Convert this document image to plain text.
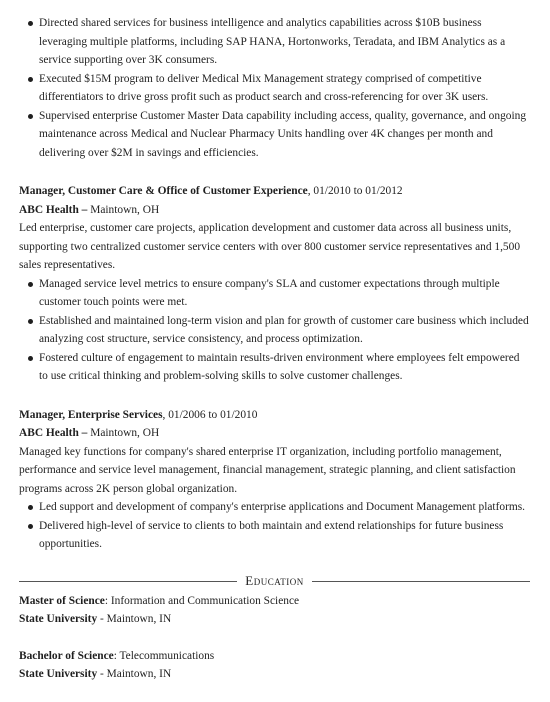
Directed shared services for business intelligence and analytics capabilities across $10B business leveraging multiple platforms, including SAP HANA, Hortonworks, Teradata, and IBM Analytics as a service supporting over 3K consumers.
Executed $15M program to deliver Medical Mix Management strategy comprised of competitive differentiators to drive gross profit such as product search and cross-referencing for over 3K users.
Supervised enterprise Customer Master Data capability including access, quality, governance, and ongoing maintenance across Medical and Nuclear Pharmacy Units handling over 4K changes per month and delivering over $2M in savings and efficiencies.
Manager, Customer Care & Office of Customer Experience, 01/2010 to 01/2012
ABC Health – Maintown, OH

Led enterprise, customer care projects, application development and customer data across all business units, supporting two centralized customer service centers with over 800 customer service representatives and 1,500 sales representatives.

Managed service level metrics to ensure company's SLA and customer expectations through multiple customer touch points were met.
Established and maintained long-term vision and plan for growth of customer care business which included analyzing cost structure, service consistency, and process optimization.
Fostered culture of engagement to maintain results-driven environment where employees felt empowered to use critical thinking and problem-solving skills to solve customer challenges.
Manager, Enterprise Services, 01/2006 to 01/2010
ABC Health – Maintown, OH

Managed key functions for company's shared enterprise IT organization, including portfolio management, performance and service level management, financial management, strategic planning, and client satisfaction programs across 2K person global organization.

Led support and development of company's enterprise applications and Document Management platforms.
Delivered high-level of service to clients to both maintain and extend relationships for future business opportunities.
Education
Master of Science: Information and Communication Science
State University - Maintown, IN
Bachelor of Science: Telecommunications
State University - Maintown, IN
